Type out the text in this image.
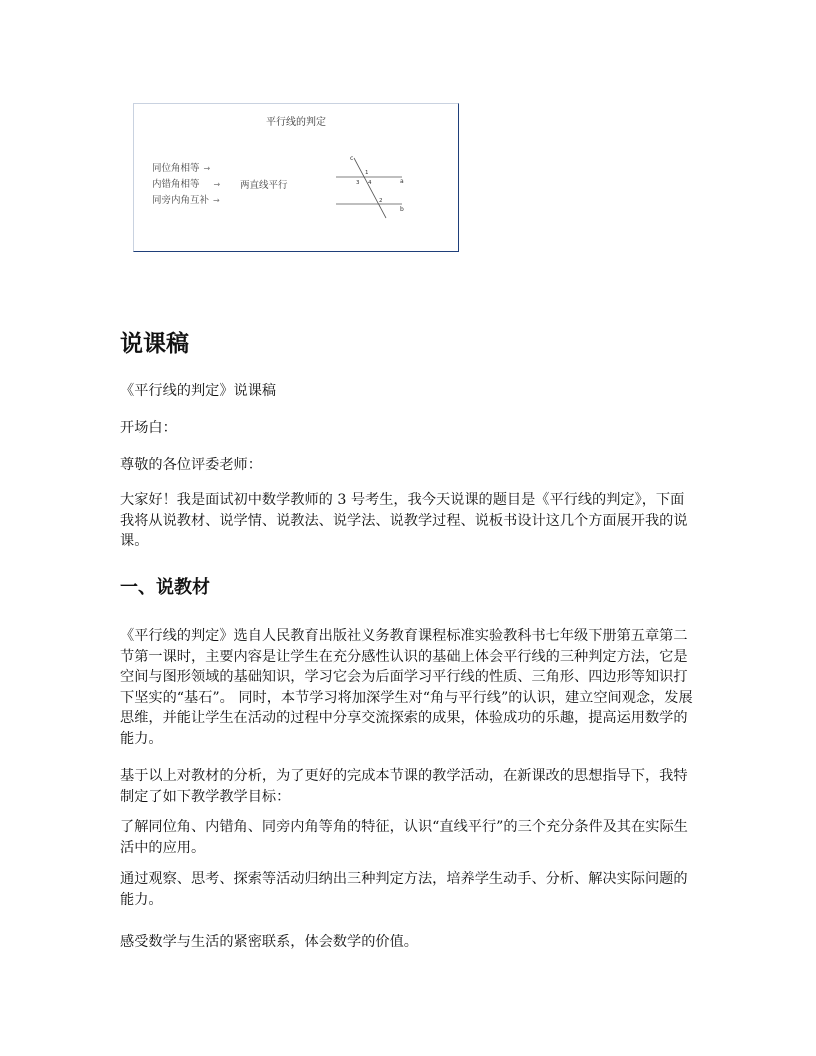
平行线的判定
同位角相等 →
内错角相等 →
同旁内角互补 →
两直线平行
c
a
b
1
2
3 4
说课稿

《平行线的判定》说课稿

开场白：

尊敬的各位评委老师：

大家好！我是面试初中数学教师的 3 号考生，我今天说课的题目是《平行线的判定》，下面我将从说教材、说学情、说教法、说学法、说教学过程、说板书设计这几个方面展开我的说课。

一、说教材

《平行线的判定》选自人民教育出版社义务教育课程标准实验教科书七年级下册第五章第二节第一课时，主要内容是让学生在充分感性认识的基础上体会平行线的三种判定方法，它是空间与图形领域的基础知识，学习它会为后面学习平行线的性质、三角形、四边形等知识打下坚实的“基石”。 同时，本节学习将加深学生对“角与平行线”的认识，建立空间观念，发展思维，并能让学生在活动的过程中分享交流探索的成果，体验成功的乐趣，提高运用数学的能力。

基于以上对教材的分析，为了更好的完成本节课的教学活动，在新课改的思想指导下，我特制定了如下教学教学目标：

了解同位角、内错角、同旁内角等角的特征，认识“直线平行”的三个充分条件及其在实际生活中的应用。

通过观察、思考、探索等活动归纳出三种判定方法，培养学生动手、分析、解决实际问题的能力。

感受数学与生活的紧密联系，体会数学的价值。
